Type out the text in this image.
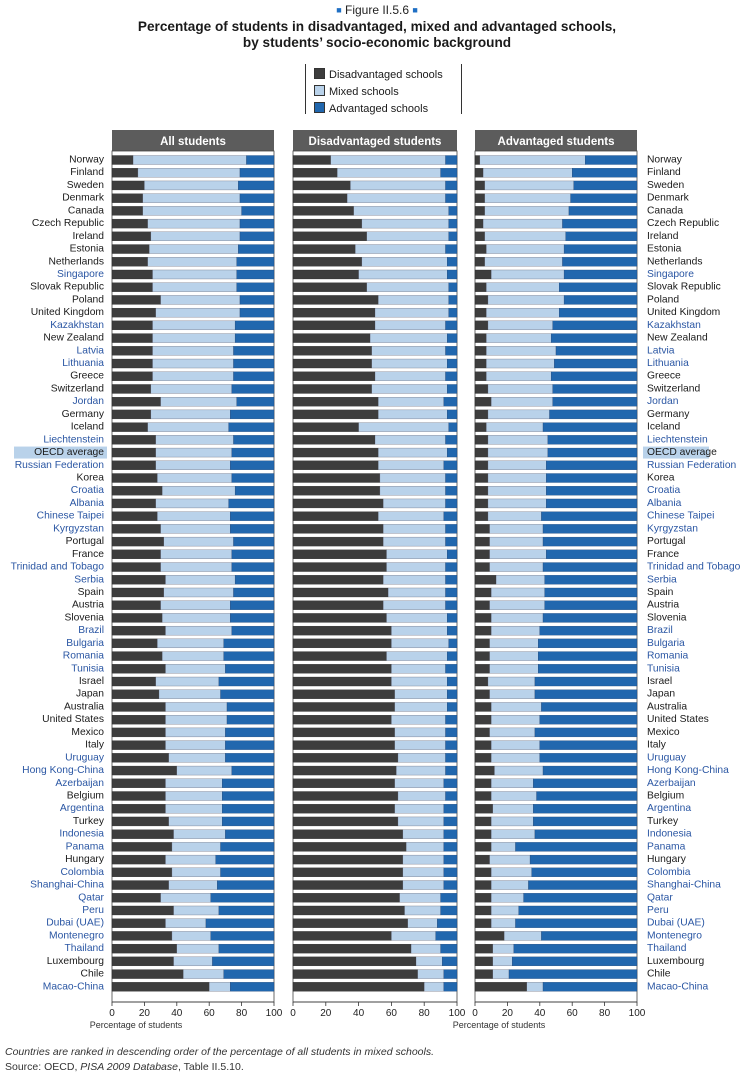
■ Figure II.5.6 ■
Percentage of students in disadvantaged, mixed and advantaged schools,
by students’ socio-economic background
Disadvantaged schools
Mixed schools
Advantaged schools
Norway	Norway
Finland	Finland
Sweden	Sweden
Denmark	Denmark
Canada	Canada
Czech Republic	Czech Republic
Ireland	Ireland
Estonia	Estonia
Netherlands	Netherlands
Singapore	Singapore
Slovak Republic	Slovak Republic
Poland	Poland
United Kingdom	United Kingdom
Kazakhstan	Kazakhstan
New Zealand	New Zealand
Latvia	Latvia
Lithuania	Lithuania
Greece	Greece
Switzerland	Switzerland
Jordan	Jordan
Germany	Germany
Iceland	Iceland
Liechtenstein	Liechtenstein
OECD average	OECD average
Russian Federation	Russian Federation
Korea	Korea
Croatia	Croatia
Albania	Albania
Chinese Taipei	Chinese Taipei
Kyrgyzstan	Kyrgyzstan
Portugal	Portugal
France	France
Trinidad and Tobago	Trinidad and Tobago
Serbia	Serbia
Spain	Spain
Austria	Austria
Slovenia	Slovenia
Brazil	Brazil
Bulgaria	Bulgaria
Romania	Romania
Tunisia	Tunisia
Israel	Israel
Japan	Japan
Australia	Australia
United States	United States
Mexico	Mexico
Italy	Italy
Uruguay	Uruguay
Hong Kong-China	Hong Kong-China
Azerbaijan	Azerbaijan
Belgium	Belgium
Argentina	Argentina
Turkey	Turkey
Indonesia	Indonesia
Panama	Panama
Hungary	Hungary
Colombia	Colombia
Shanghai-China	Shanghai-China
Qatar	Qatar
Peru	Peru
Dubai (UAE)	Dubai (UAE)
Montenegro	Montenegro
Thailand	Thailand
Luxembourg	Luxembourg
Chile	Chile
Macao-China	Macao-China
All students
0 20 40 60 80 100
Percentage of students
Disadvantaged students
0 20 40 60 80 100
Advantaged students
0 20 40 60 80 100
Percentage of students
Countries are ranked in descending order of the percentage of all students in mixed schools.
Source: OECD, PISA 2009 Database, Table II.5.10.
